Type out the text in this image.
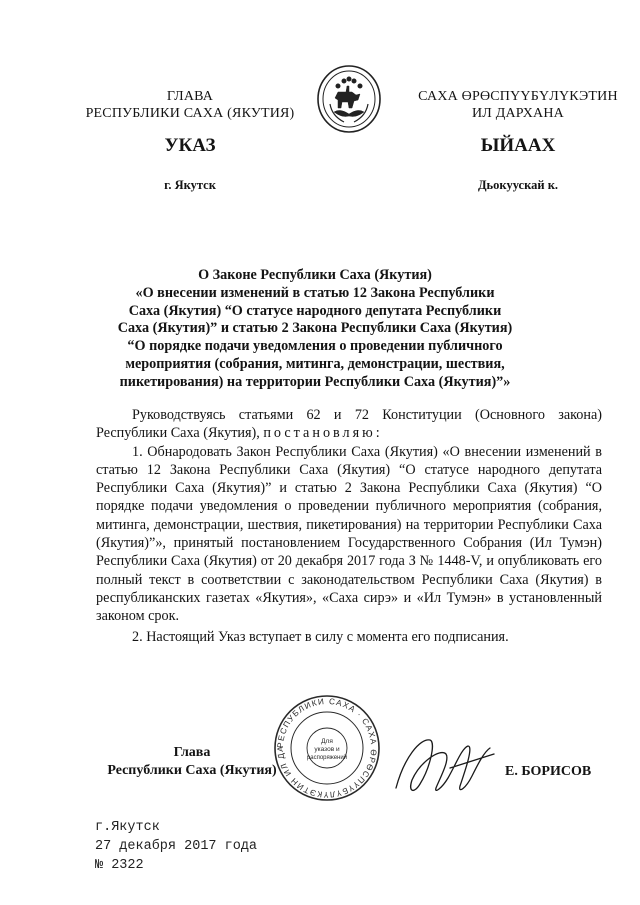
ГЛАВА
РЕСПУБЛИКИ САХА (ЯКУТИЯ)
САХА ӨРӨСПҮҮБҮЛҮКЭТИН
ИЛ ДАРХАНА
УКАЗ	ЫЙААХ
г. Якутск	Дьокуускай к.
О Законе Республики Саха (Якутия)
«О внесении изменений в статью 12 Закона Республики
Саха (Якутия) “О статусе народного депутата Республики
Саха (Якутия)” и статью 2 Закона Республики Саха (Якутия)
“О порядке подачи уведомления о проведении публичного
мероприятия (собрания, митинга, демонстрации, шествия,
пикетирования) на территории Республики Саха (Якутия)”»

Руководствуясь статьями 62 и 72 Конституции (Основного закона) Республики Саха (Якутия), постановляю:

1. Обнародовать Закон Республики Саха (Якутия) «О внесении изменений в статью 12 Закона Республики Саха (Якутия) “О статусе народного депутата Республики Саха (Якутия)” и статью 2 Закона Республики Саха (Якутия) “О порядке подачи уведомления о проведении публичного мероприятия (собрания, митинга, демонстрации, шествия, пикетирования) на территории Республики Саха (Якутия)”», принятый постановлением Государственного Собрания (Ил Тумэн) Республики Саха (Якутия) от 20 декабря 2017 года З № 1448-V, и опубликовать его полный текст в соответствии с законодательством Республики Саха (Якутия) в республиканских газетах «Якутия», «Саха сирэ» и «Ил Тумэн» в установленный законом срок.

2. Настоящий Указ вступает в силу с момента его подписания.

Глава
Республики Саха (Якутия)
РЕСПУБЛИКИ САХА · САХА ӨРӨСПҮҮБҮЛҮКЭТИН ИЛ ДА
Для
указов и
распоряжений
Е. БОРИСОВ
г.Якутск
27 декабря 2017 года
№ 2322
